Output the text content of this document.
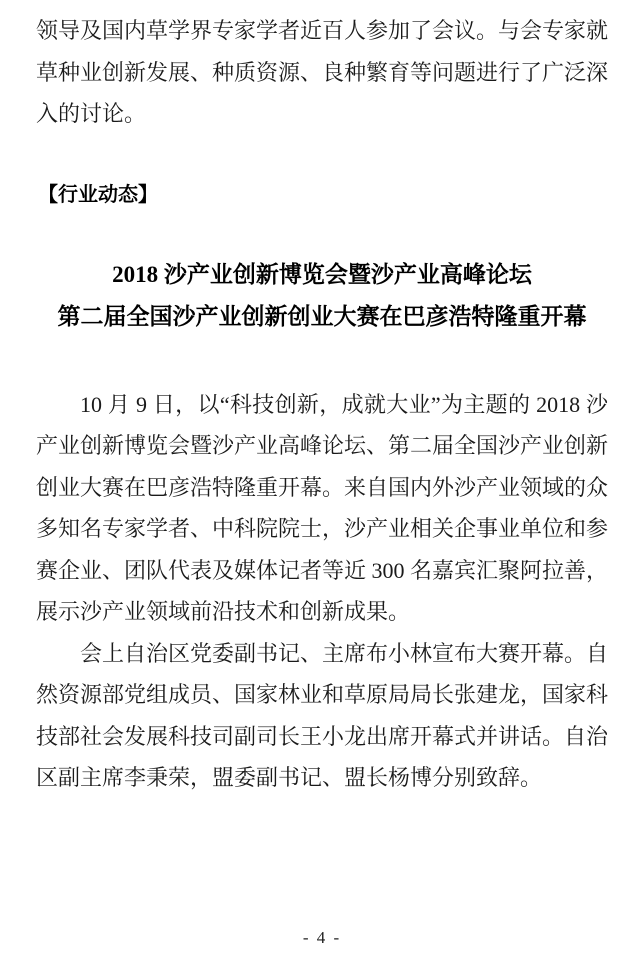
领导及国内草学界专家学者近百人参加了会议。与会专家就草种业创新发展、种质资源、良种繁育等问题进行了广泛深入的讨论。

【行业动态】
2018 沙产业创新博览会暨沙产业高峰论坛
第二届全国沙产业创新创业大赛在巴彦浩特隆重开幕

10 月 9 日，以“科技创新，成就大业”为主题的 2018 沙产业创新博览会暨沙产业高峰论坛、第二届全国沙产业创新创业大赛在巴彦浩特隆重开幕。来自国内外沙产业领域的众多知名专家学者、中科院院士，沙产业相关企事业单位和参赛企业、团队代表及媒体记者等近 300 名嘉宾汇聚阿拉善，展示沙产业领域前沿技术和创新成果。

会上自治区党委副书记、主席布小林宣布大赛开幕。自然资源部党组成员、国家林业和草原局局长张建龙，国家科技部社会发展科技司副司长王小龙出席开幕式并讲话。自治区副主席李秉荣，盟委副书记、盟长杨博分别致辞。

- 4 -
